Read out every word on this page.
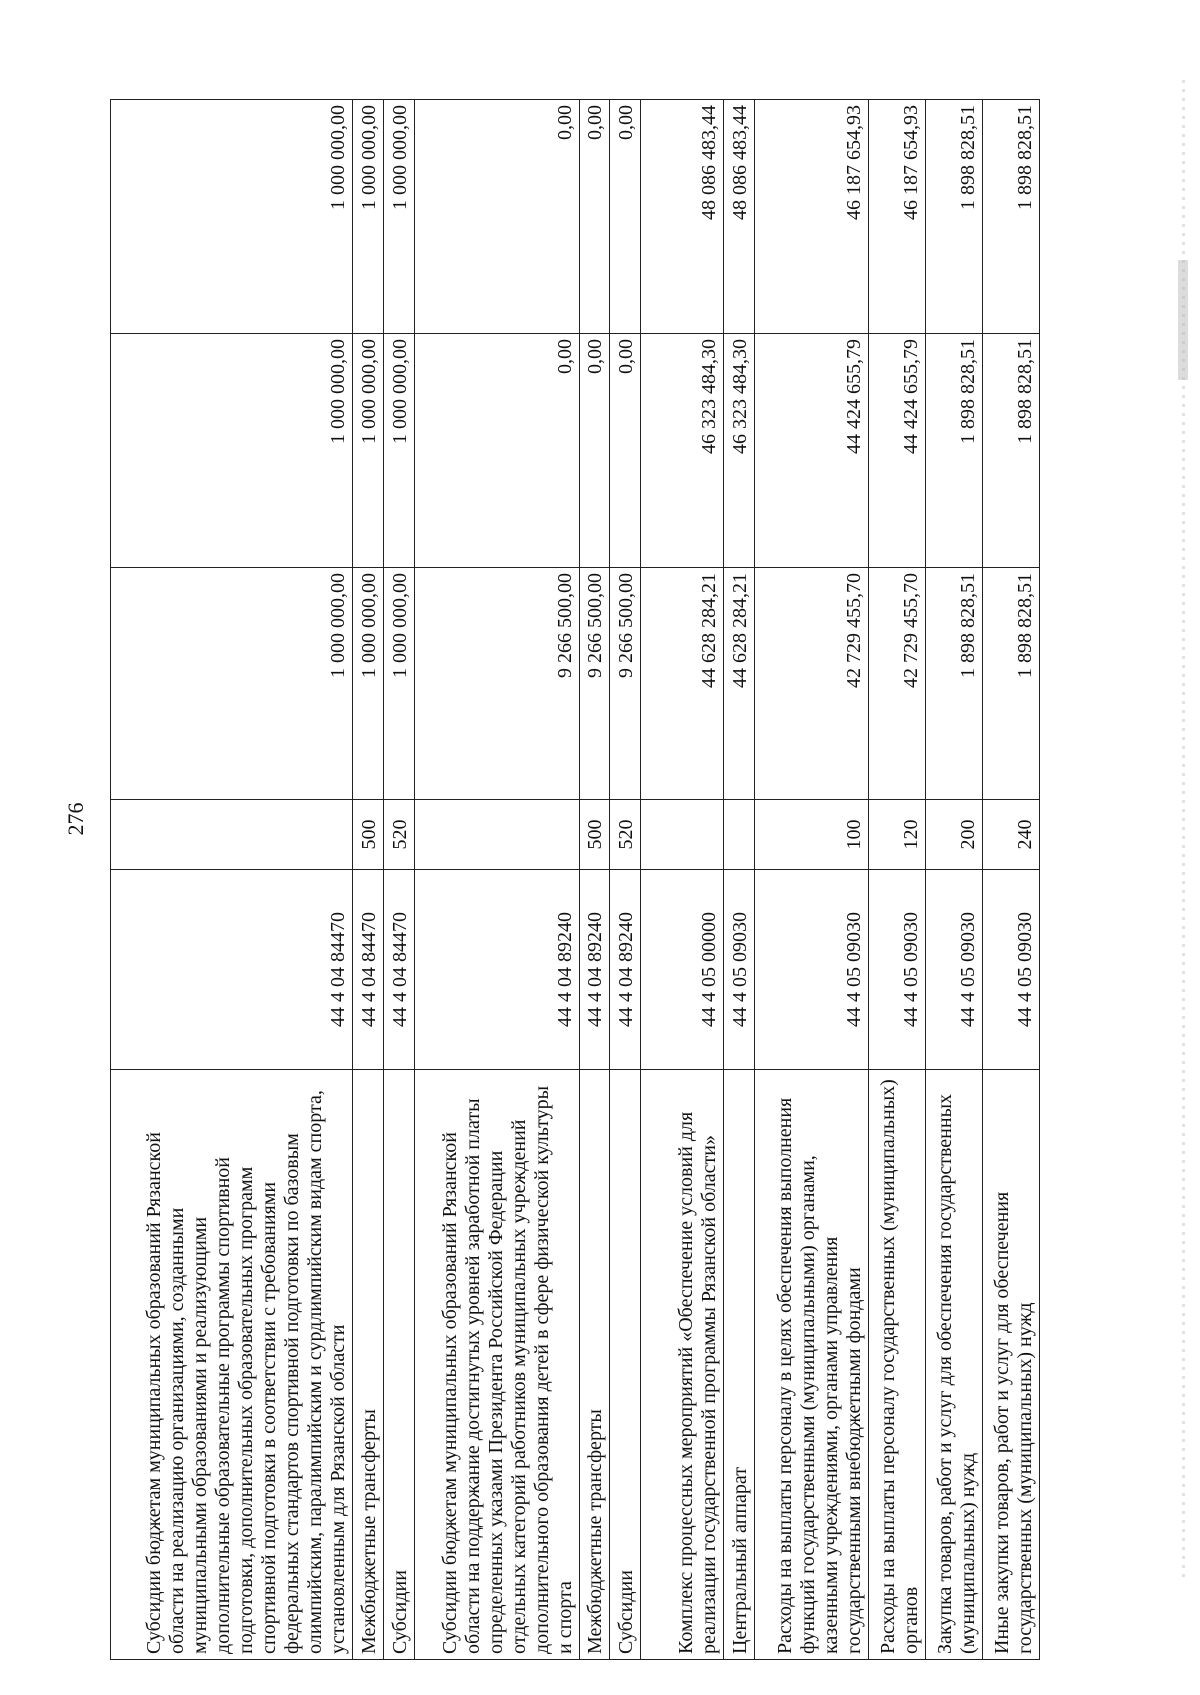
276
Субсидии бюджетам муниципальных образований Рязанской области на реализацию организациями, созданными муниципальными образованиями и реализующими дополнительные образовательные программы спортивной подготовки, дополнительных образовательных программ спортивной подготовки в соответствии с требованиями федеральных стандартов спортивной подготовки по базовым олимпийским, паралимпийским и сурдлимпийским видам спорта, установленным для Рязанской области	44 4 04 84470		1 000 000,00	1 000 000,00	1 000 000,00
Межбюджетные трансферты	44 4 04 84470	500	1 000 000,00	1 000 000,00	1 000 000,00
Субсидии	44 4 04 84470	520	1 000 000,00	1 000 000,00	1 000 000,00
Субсидии бюджетам муниципальных образований Рязанской области на поддержание достигнутых уровней заработной платы определенных указами Президента Российской Федерации отдельных категорий работников муниципальных учреждений дополнительного образования детей в сфере физической культуры и спорта	44 4 04 89240		9 266 500,00	0,00	0,00
Межбюджетные трансферты	44 4 04 89240	500	9 266 500,00	0,00	0,00
Субсидии	44 4 04 89240	520	9 266 500,00	0,00	0,00
Комплекс процессных мероприятий «Обеспечение условий для реализации государственной программы Рязанской области»	44 4 05 00000		44 628 284,21	46 323 484,30	48 086 483,44
Центральный аппарат	44 4 05 09030		44 628 284,21	46 323 484,30	48 086 483,44
Расходы на выплаты персоналу в целях обеспечения выполнения функций государственными (муниципальными) органами, казенными учреждениями, органами управления государственными внебюджетными фондами	44 4 05 09030	100	42 729 455,70	44 424 655,79	46 187 654,93
Расходы на выплаты персоналу государственных (муниципальных) органов	44 4 05 09030	120	42 729 455,70	44 424 655,79	46 187 654,93
Закупка товаров, работ и услуг для обеспечения государственных (муниципальных) нужд	44 4 05 09030	200	1 898 828,51	1 898 828,51	1 898 828,51
Иные закупки товаров, работ и услуг для обеспечения государственных (муниципальных) нужд	44 4 05 09030	240	1 898 828,51	1 898 828,51	1 898 828,51
